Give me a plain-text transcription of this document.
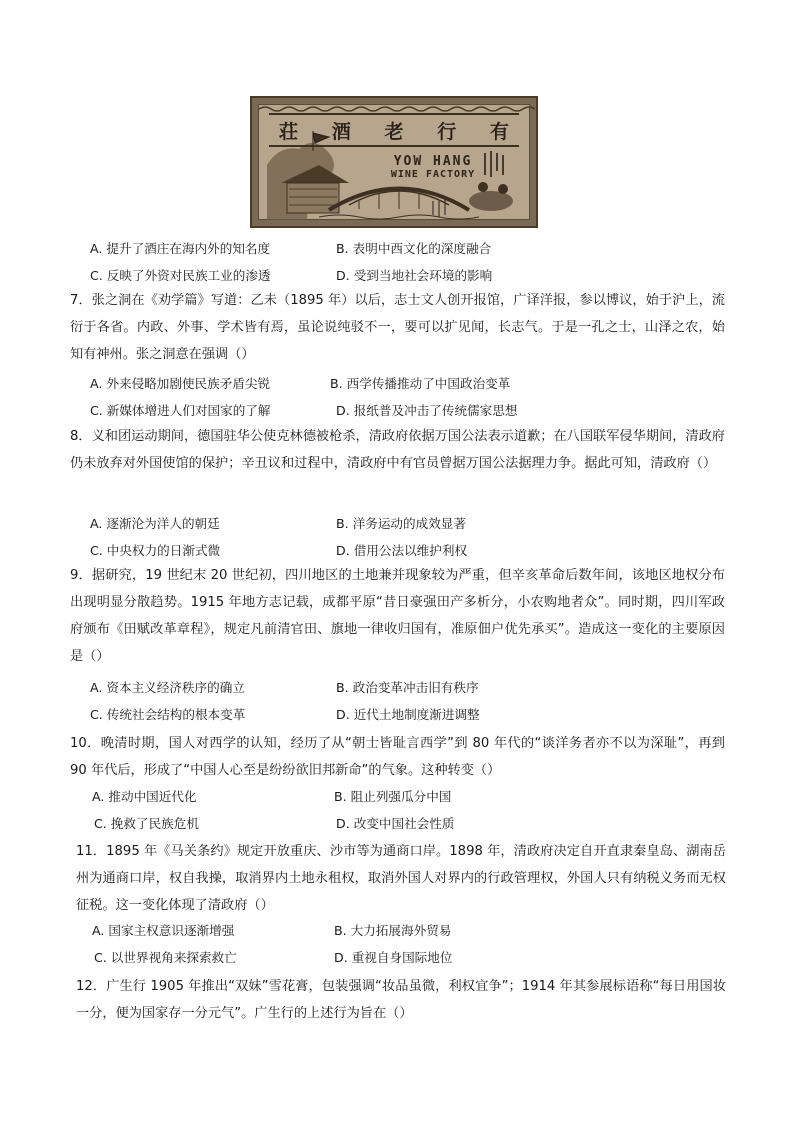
荘 酒 老 行 有
YOW HANG
WINE FACTORY
A. 提升了酒庄在海内外的知名度	B. 表明中西文化的深度融合
C. 反映了外资对民族工业的渗透	D. 受到当地社会环境的影响

7．张之洞在《劝学篇》写道：乙未（1895 年）以后，志士文人创开报馆，广译洋报，参以博议，始于沪上，流衍于各省。内政、外事、学术皆有焉，虽论说纯驳不一，要可以扩见闻，长志气。于是一孔之士，山泽之农，始知有神州。张之洞意在强调（）

A. 外来侵略加剧使民族矛盾尖锐	B. 西学传播推动了中国政治变革
C. 新媒体增进人们对国家的了解	D. 报纸普及冲击了传统儒家思想

8．义和团运动期间，德国驻华公使克林德被枪杀，清政府依据万国公法表示道歉；在八国联军侵华期间，清政府仍未放弃对外国使馆的保护；辛丑议和过程中，清政府中有官员曾据万国公法据理力争。据此可知，清政府（）

A. 逐渐沦为洋人的朝廷	B. 洋务运动的成效显著
C. 中央权力的日渐式微	D. 借用公法以维护利权

9．据研究，19 世纪末 20 世纪初，四川地区的土地兼并现象较为严重，但辛亥革命后数年间，该地区地权分布出现明显分散趋势。1915 年地方志记载，成都平原“昔日豪强田产多析分，小农购地者众”。同时期，四川军政府颁布《田赋改革章程》，规定凡前清官田、旗地一律收归国有，准原佃户优先承买”。造成这一变化的主要原因是（）

A. 资本主义经济秩序的确立	B. 政治变革冲击旧有秩序
C. 传统社会结构的根本变革	D. 近代土地制度渐进调整

10．晚清时期，国人对西学的认知，经历了从“朝士皆耻言西学”到 80 年代的“谈洋务者亦不以为深耻”，再到 90 年代后，形成了“中国人心至是纷纷欲旧邦新命”的气象。这种转变（）

A. 推动中国近代化	B. 阻止列强瓜分中国
C. 挽救了民族危机	D. 改变中国社会性质

11．1895 年《马关条约》规定开放重庆、沙市等为通商口岸。1898 年，清政府决定自开直隶秦皇岛、湖南岳州为通商口岸，权自我操，取消界内土地永租权，取消外国人对界内的行政管理权，外国人只有纳税义务而无权征税。这一变化体现了清政府（）

A. 国家主权意识逐渐增强	B. 大力拓展海外贸易
C. 以世界视角来探索救亡	D. 重视自身国际地位

12．广生行 1905 年推出“双妹”雪花膏，包装强调“妆品虽微，利权宜争”；1914 年其参展标语称“每日用国妆一分，便为国家存一分元气”。广生行的上述行为旨在（）
